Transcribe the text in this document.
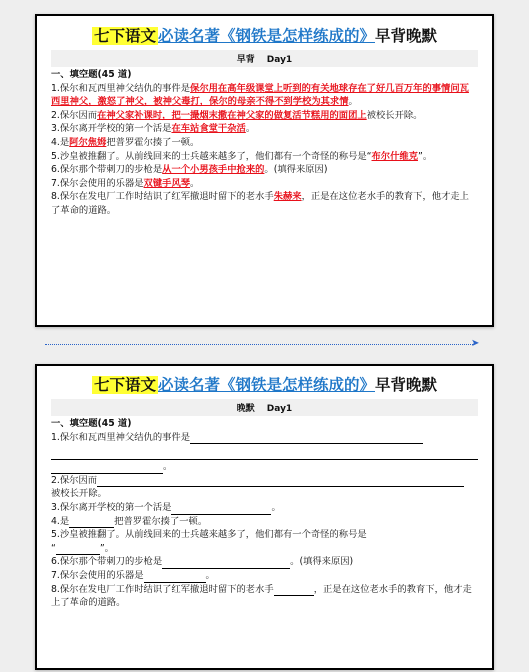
七下语文 必读名著《钢铁是怎样练成的》早背晚默
早背 Day1
一、填空题(45 道)
1.保尔和瓦西里神父结仇的事件是保尔用在高年级课堂上听到的有关地球存在了好几百万年的事情问瓦西里神父，激怒了神父，被神父毒打，保尔的母亲不得不到学校为其求情。
2.保尔因而在神父家补课时，把一撮烟末撒在神父家的做复活节糕用的面团上被校长开除。
3.保尔离开学校的第一个活是在车站食堂干杂活。
4.是阿尔焦姆把普罗霍尔揍了一顿。
5.沙皇被推翻了。从前线回来的士兵越来越多了，他们都有一个奇怪的称号是“布尔什维克”。
6.保尔那个带刺刀的步枪是从一个小男孩手中抢来的。(填得来原因)
7.保尔会使用的乐器是双键手风琴。
8.保尔在发电厂工作时结识了红军撤退时留下的老水手朱赫来，正是在这位老水手的教育下，他才走上了革命的道路。
➤
七下语文 必读名著《钢铁是怎样练成的》早背晚默
晚默 Day1
一、填空题(45 道)
1.保尔和瓦西里神父结仇的事件是
。
2.保尔因而
被校长开除。
3.保尔离开学校的第一个活是	。
4.是	把普罗霍尔揍了一顿。
5.沙皇被推翻了。从前线回来的士兵越来越多了，他们都有一个奇怪的称号是
“	”。
6.保尔那个带刺刀的步枪是	。(填得来原因)
7.保尔会使用的乐器是	。
8.保尔在发电厂工作时结识了红军撤退时留下的老水手	，正是在这位老水手的教育下，他才走上了革命的道路。
